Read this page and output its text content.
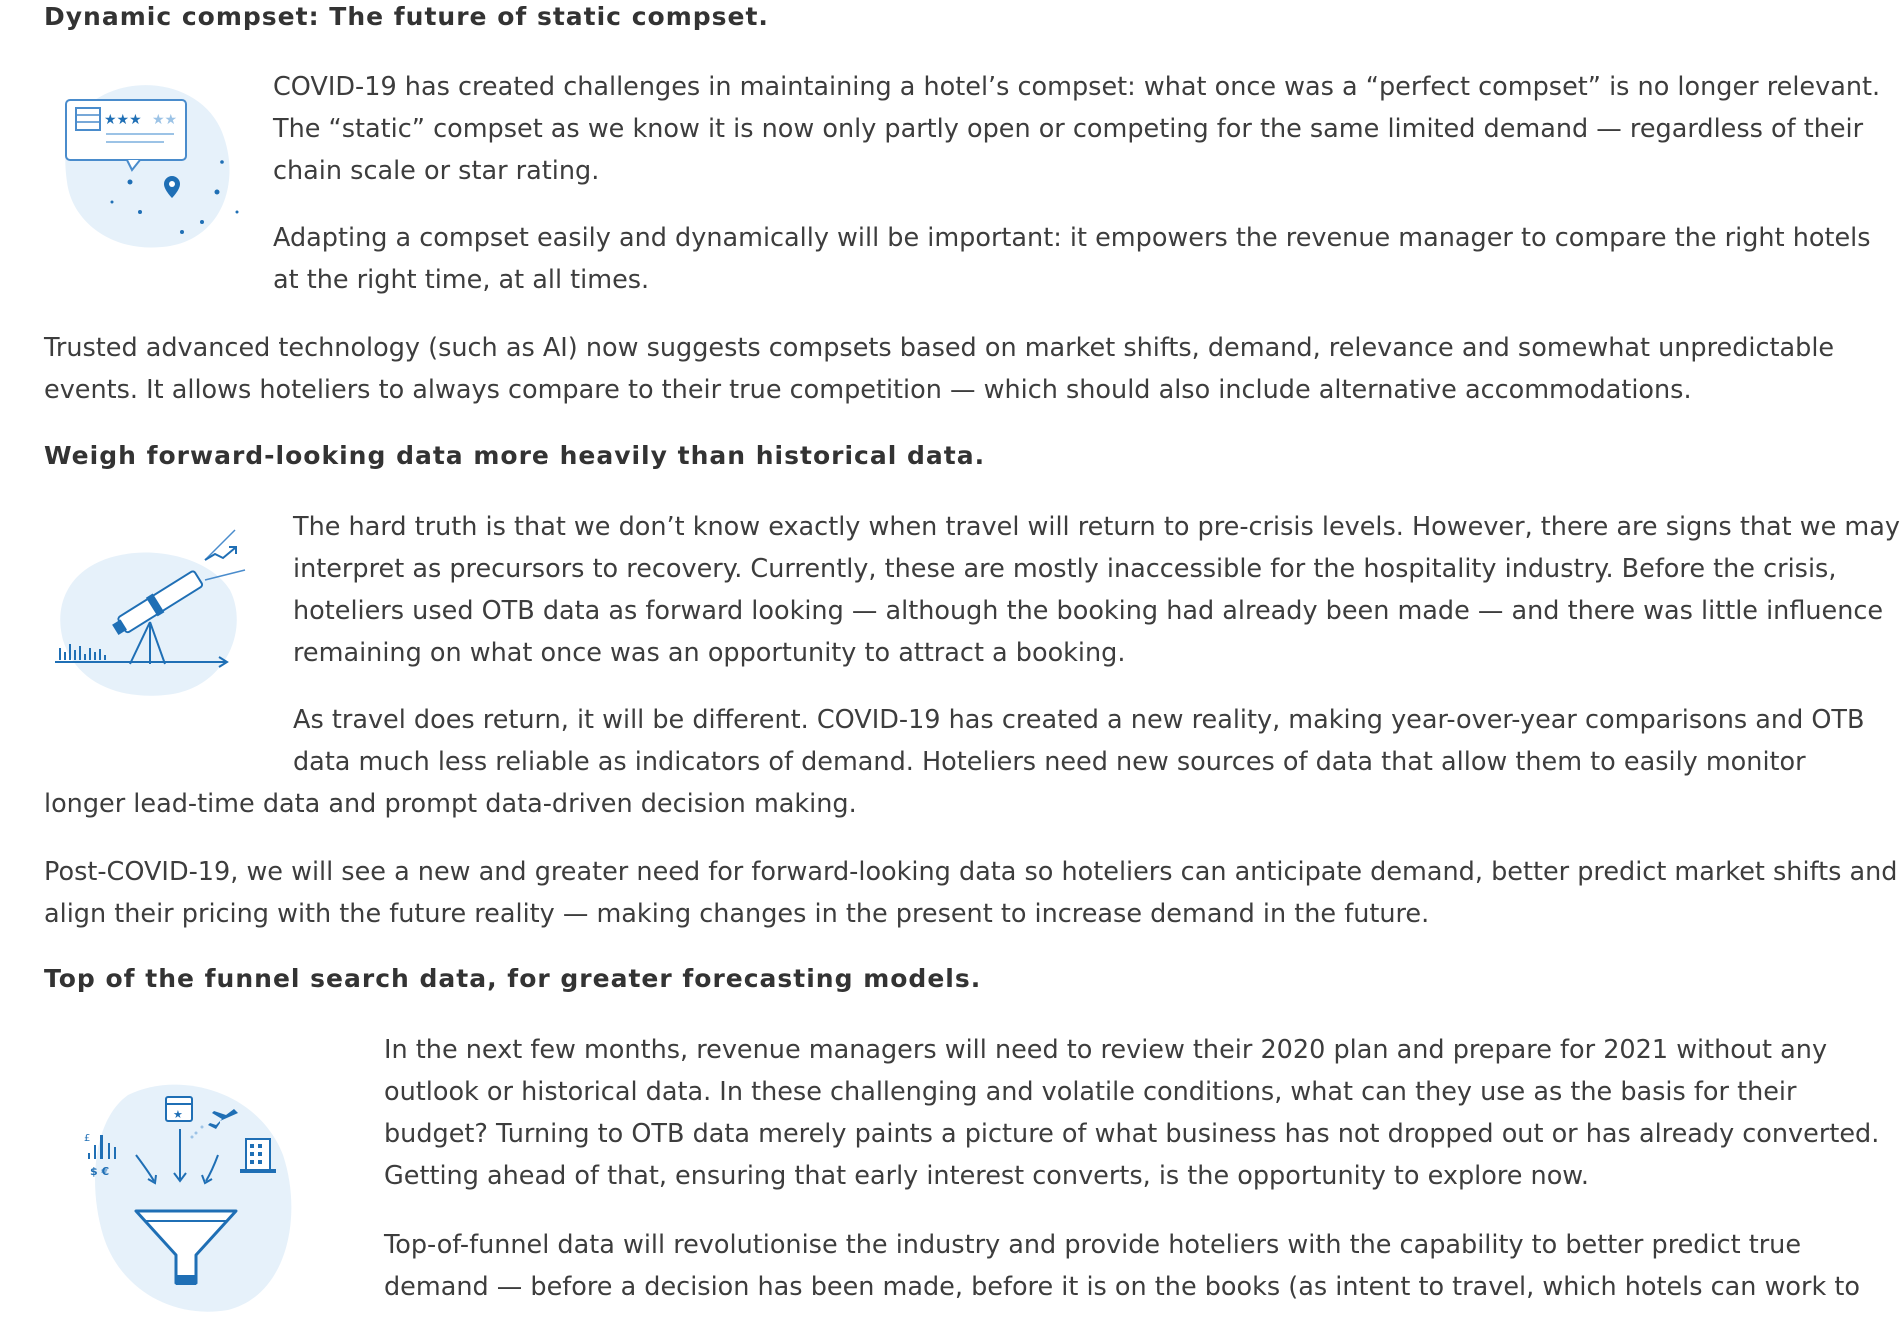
Dynamic compset: The future of static compset.
★★★ ★★
COVID-19 has created challenges in maintaining a hotel’s compset: what once was a “perfect compset” is no longer relevant.
The “static” compset as we know it is now only partly open or competing for the same limited demand — regardless of their
chain scale or star rating.
Adapting a compset easily and dynamically will be important: it empowers the revenue manager to compare the right hotels
at the right time, at all times.
Trusted advanced technology (such as AI) now suggests compsets based on market shifts, demand, relevance and somewhat unpredictable
events. It allows hoteliers to always compare to their true competition — which should also include alternative accommodations.
Weigh forward-looking data more heavily than historical data.
The hard truth is that we don’t know exactly when travel will return to pre-crisis levels. However, there are signs that we may
interpret as precursors to recovery. Currently, these are mostly inaccessible for the hospitality industry. Before the crisis,
hoteliers used OTB data as forward looking — although the booking had already been made — and there was little influence
remaining on what once was an opportunity to attract a booking.
As travel does return, it will be different. COVID-19 has created a new reality, making year-over-year comparisons and OTB
data much less reliable as indicators of demand. Hoteliers need new sources of data that allow them to easily monitor
longer lead-time data and prompt data-driven decision making.
Post-COVID-19, we will see a new and greater need for forward-looking data so hoteliers can anticipate demand, better predict market shifts and
align their pricing with the future reality — making changes in the present to increase demand in the future.
Top of the funnel search data, for greater forecasting models.
★
£
$ €
In the next few months, revenue managers will need to review their 2020 plan and prepare for 2021 without any
outlook or historical data. In these challenging and volatile conditions, what can they use as the basis for their
budget? Turning to OTB data merely paints a picture of what business has not dropped out or has already converted.
Getting ahead of that, ensuring that early interest converts, is the opportunity to explore now.
Top-of-funnel data will revolutionise the industry and provide hoteliers with the capability to better predict true
demand — before a decision has been made, before it is on the books (as intent to travel, which hotels can work to
